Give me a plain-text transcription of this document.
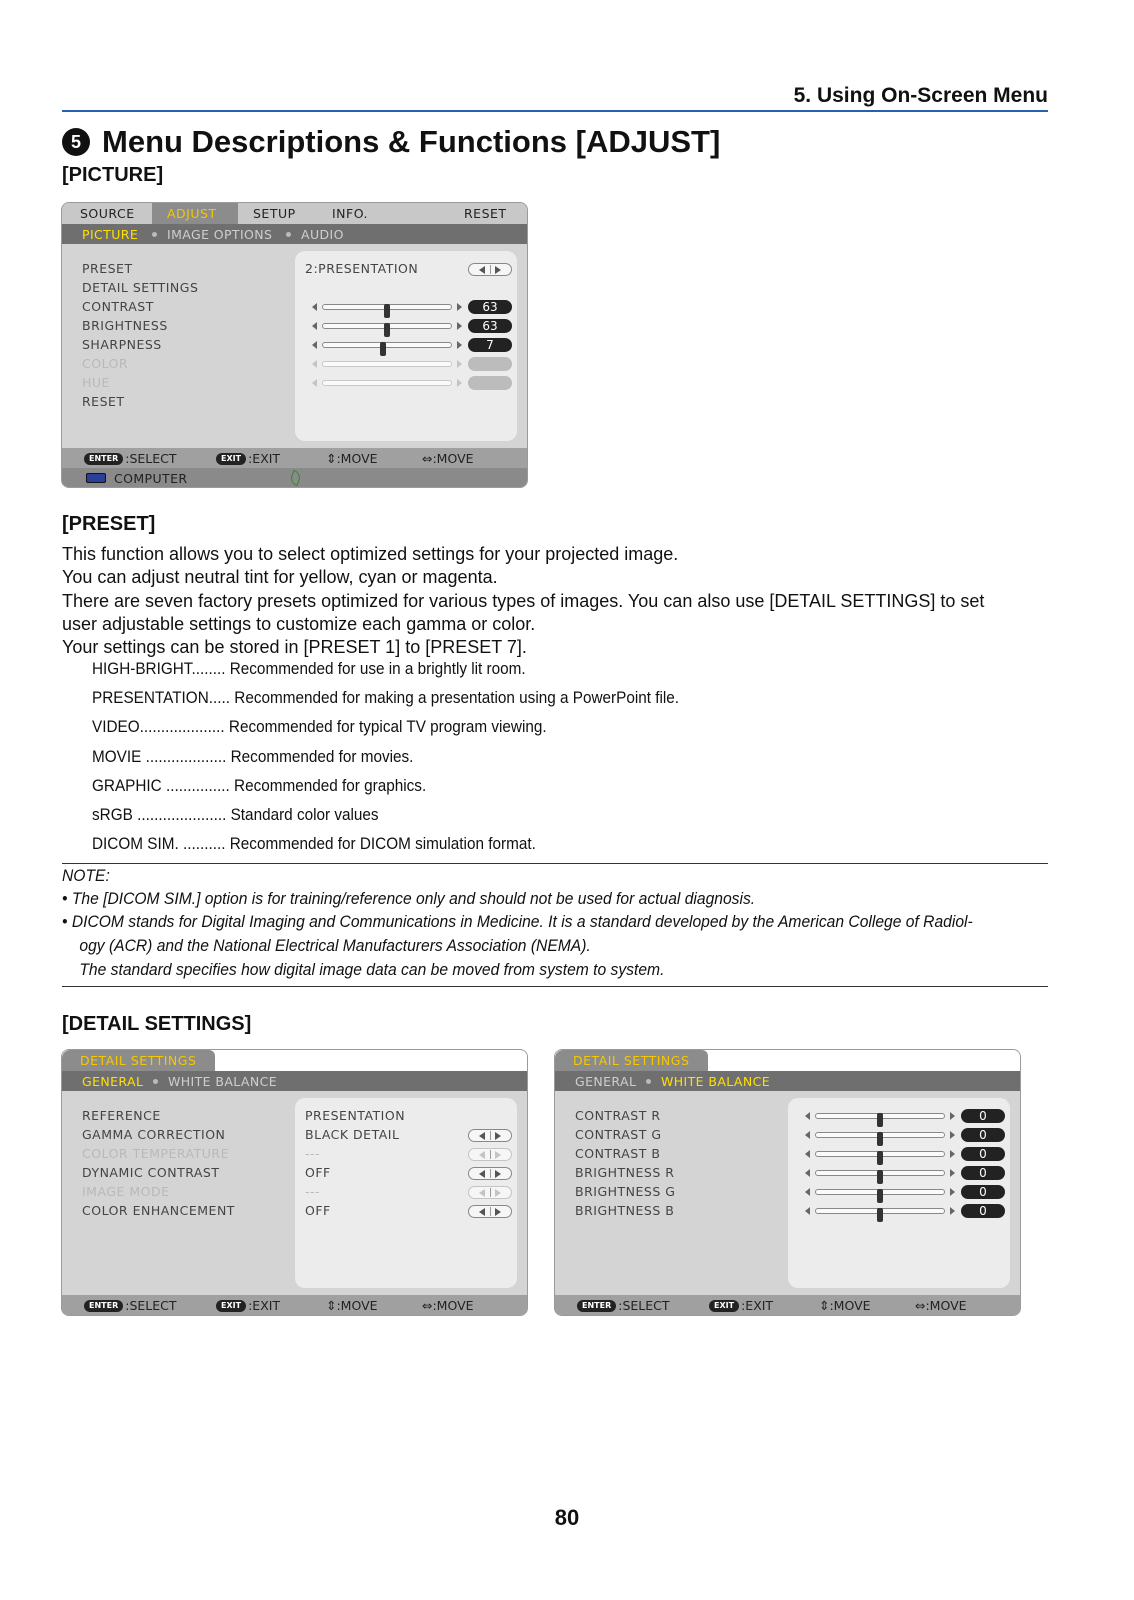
5. Using On-Screen Menu
5 Menu Descriptions & Functions [ADJUST]
[PICTURE]
SOURCE	ADJUST	SETUP	INFO.	RESET
PICTURE IMAGE OPTIONS AUDIO
PRESET	2:PRESENTATION
DETAIL SETTINGS
CONTRAST	63
BRIGHTNESS	63
SHARPNESS	7
COLOR
HUE
RESET
ENTER :SELECT	EXIT :EXIT	⇕:MOVE	⇔:MOVE
COMPUTER
[PRESET]
This function allows you to select optimized settings for your projected image.
You can adjust neutral tint for yellow, cyan or magenta.
There are seven factory presets optimized for various types of images. You can also use [DETAIL SETTINGS] to set
user adjustable settings to customize each gamma or color.
Your settings can be stored in [PRESET 1] to [PRESET 7].
HIGH-BRIGHT........ Recommended for use in a brightly lit room.
PRESENTATION..... Recommended for making a presentation using a PowerPoint file.
VIDEO.................... Recommended for typical TV program viewing.
MOVIE ................... Recommended for movies.
GRAPHIC ............... Recommended for graphics.
sRGB ..................... Standard color values
DICOM SIM. .......... Recommended for DICOM simulation format.
NOTE:
• The [DICOM SIM.] option is for training/reference only and should not be used for actual diagnosis.
• DICOM stands for Digital Imaging and Communications in Medicine. It is a standard developed by the American College of Radiol-
ogy (ACR) and the National Electrical Manufacturers Association (NEMA).
The standard specifies how digital image data can be moved from system to system.
[DETAIL SETTINGS]
DETAIL SETTINGS
GENERAL WHITE BALANCE
REFERENCE	PRESENTATION
GAMMA CORRECTION	BLACK DETAIL
COLOR TEMPERATURE	---
DYNAMIC CONTRAST	OFF
IMAGE MODE	---
COLOR ENHANCEMENT	OFF
ENTER :SELECT	EXIT :EXIT	⇕:MOVE	⇔:MOVE
DETAIL SETTINGS
GENERAL WHITE BALANCE
CONTRAST R	0
CONTRAST G	0
CONTRAST B	0
BRIGHTNESS R	0
BRIGHTNESS G	0
BRIGHTNESS B	0
ENTER :SELECT	EXIT :EXIT	⇕:MOVE	⇔:MOVE
80
